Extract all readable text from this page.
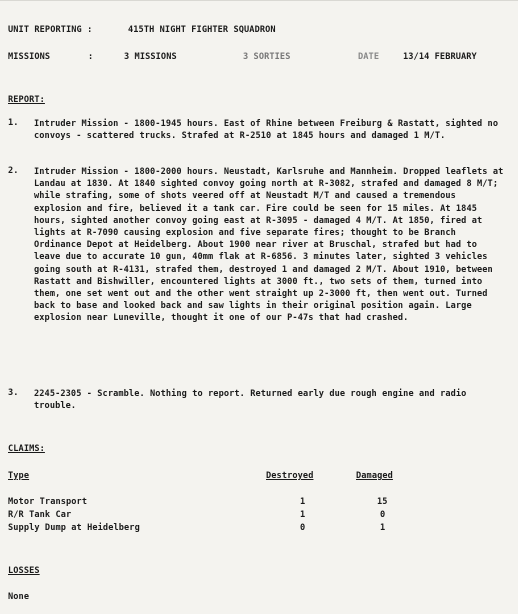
UNIT REPORTING :	415TH NIGHT FIGHTER SQUADRON
MISSIONS	:	3 MISSIONS	3 SORTIES	DATE	13/14 FEBRUARY
REPORT:
1. Intruder Mission - 1800-1945 hours. East of Rhine between Freiburg & Rastatt, sighted no convoys - scattered trucks. Strafed at R-2510 at 1845 hours and damaged 1 M/T.
2. Intruder Mission - 1800-2000 hours. Neustadt, Karlsruhe and Mannheim. Dropped leaflets at Landau at 1830. At 1840 sighted convoy going north at R-3082, strafed and damaged 8 M/T; while strafing, some of shots veered off at Neustadt M/T and caused a tremendous explosion and fire, believed it a tank car. Fire could be seen for 15 miles. At 1845 hours, sighted another convoy going east at R-3095 - damaged 4 M/T. At 1850, fired at lights at R-7090 causing explosion and five separate fires; thought to be Branch Ordinance Depot at Heidelberg. About 1900 near river at Bruschal, strafed but had to leave due to accurate 10 gun, 40mm flak at R-6856. 3 minutes later, sighted 3 vehicles going south at R-4131, strafed them, destroyed 1 and damaged 2 M/T. About 1910, between Rastatt and Bishwiller, encountered lights at 3000 ft., two sets of them, turned into them, one set went out and the other went straight up 2-3000 ft, then went out. Turned back to base and looked back and saw lights in their original position again. Large explosion near Luneville, thought it one of our P-47s that had crashed.
3. 2245-2305 - Scramble. Nothing to report. Returned early due rough engine and radio trouble.
CLAIMS:
Type	Destroyed	Damaged
Motor Transport	1	15
R/R Tank Car	1	0
Supply Dump at Heidelberg	0	1
LOSSES
None
